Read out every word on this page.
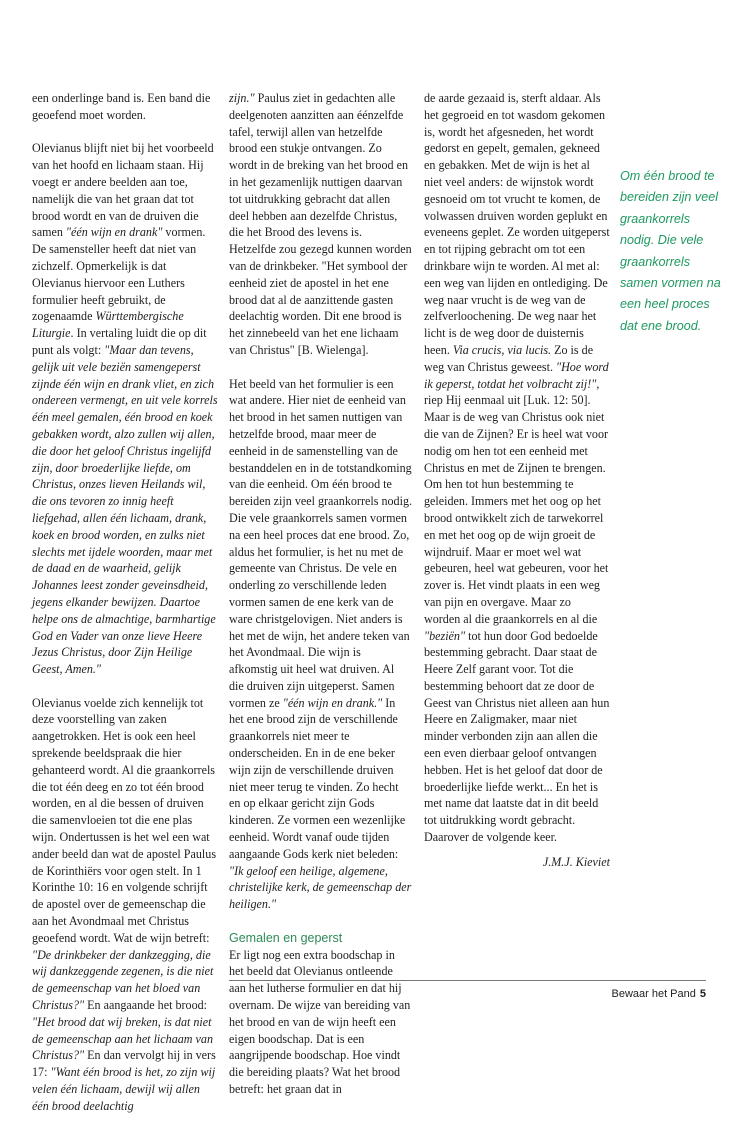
een onderlinge band is. Een band die geoefend moet worden.

Olevianus blijft niet bij het voorbeeld van het hoofd en lichaam staan. Hij voegt er andere beelden aan toe, namelijk die van het graan dat tot brood wordt en van de druiven die samen "één wijn en drank" vormen. De samensteller heeft dat niet van zichzelf. Opmerkelijk is dat Olevianus hiervoor een Luthers formulier heeft gebruikt, de zogenaamde Württembergische Liturgie. In vertaling luidt die op dit punt als volgt: "Maar dan tevens, gelijk uit vele beziën samengeperst zijnde één wijn en drank vliet, en zich onderеen vermengt, en uit vele korrels één meel gemalen, één brood en koek gebakken wordt, alzo zullen wij allen, die door het geloof Christus ingelijfd zijn, door broederlijke liefde, om Christus, onzes lieven Heilands wil, die ons tevoren zo innig heeft liefgehad, allen één lichaam, drank, koek en brood worden, en zulks niet slechts met ijdele woorden, maar met de daad en de waarheid, gelijk Johannes leest zonder geveinsdheid, jegens elkander bewijzen. Daartoe helpe ons de almachtige, barmhartige God en Vader van onze lieve Heere Jezus Christus, door Zijn Heilige Geest, Amen."

Olevianus voelde zich kennelijk tot deze voorstelling van zaken aangetrokken. Het is ook een heel sprekende beeldspraak die hier gehanteerd wordt. Al die graankorrels die tot één deeg en zo tot één brood worden, en al die bessen of druiven die samenvloeien tot die ene plas wijn. Ondertussen is het wel een wat ander beeld dan wat de apostel Paulus de Korinthiërs voor ogen stelt. In 1 Korinthe 10: 16 en volgende schrijft de apostel over de gemeenschap die aan het Avondmaal met Christus geoefend wordt. Wat de wijn betreft: "De drinkbeker der dankzegging, die wij dankzeggende zegenen, is die niet de gemeenschap van het bloed van Christus?" En aangaande het brood: "Het brood dat wij breken, is dat niet de gemeenschap aan het lichaam van Christus?" En dan vervolgt hij in vers 17: "Want één brood is het, zo zijn wij velen één lichaam, dewijl wij allen één brood deelachtig

zijn." Paulus ziet in gedachten alle deelgenoten aanzitten aan éénzelfde tafel, terwijl allen van hetzelfde brood een stukje ontvangen. Zo wordt in de breking van het brood en in het gezamenlijk nuttigen daarvan tot uitdrukking gebracht dat allen deel hebben aan dezelfde Christus, die het Brood des levens is. Hetzelfde zou gezegd kunnen worden van de drinkbeker. "Het symbool der eenheid ziet de apostel in het ene brood dat al de aanzittende gasten deelachtig worden. Dit ene brood is het zinnebeeld van het ene lichaam van Christus" [B. Wielenga].

Het beeld van het formulier is een wat andere. Hier niet de eenheid van het brood in het samen nuttigen van hetzelfde brood, maar meer de eenheid in de samenstelling van de bestanddelen en in de totstandkoming van die eenheid. Om één brood te bereiden zijn veel graankorrels nodig. Die vele graankorrels samen vormen na een heel proces dat ene brood. Zo, aldus het formulier, is het nu met de gemeente van Christus. De vele en onderling zo verschillende leden vormen samen de ene kerk van de ware christgelovigen. Niet anders is het met de wijn, het andere teken van het Avondmaal. Die wijn is afkomstig uit heel wat druiven. Al die druiven zijn uitgeperst. Samen vormen ze "één wijn en drank." In het ene brood zijn de verschillende graankorrels niet meer te onderscheiden. En in de ene beker wijn zijn de verschillende druiven niet meer terug te vinden. Zo hecht en op elkaar gericht zijn Gods kinderen. Ze vormen een wezenlijke eenheid. Wordt vanaf oude tijden aangaande Gods kerk niet beleden: "Ik geloof een heilige, algemene, christelijke kerk, de gemeenschap der heiligen."

Gemalen en geperst

Er ligt nog een extra boodschap in het beeld dat Olevianus ontleende aan het lutherse formulier en dat hij overnam. De wijze van bereiding van het brood en van de wijn heeft een eigen boodschap. Dat is een aangrijpende boodschap. Hoe vindt die bereiding plaats? Wat het brood betreft: het graan dat in

de aarde gezaaid is, sterft aldaar. Als het gegroeid en tot wasdom gekomen is, wordt het afgesneden, het wordt gedorst en gepelt, gemalen, gekneed en gebakken. Met de wijn is het al niet veel anders: de wijnstok wordt gesnoeid om tot vrucht te komen, de volwassen druiven worden geplukt en eveneens geplet. Ze worden uitgeperst en tot rijping gebracht om tot een drinkbare wijn te worden. Al met al: een weg van lijden en ontlediging. De weg naar vrucht is de weg van de zelfverloochening. De weg naar het licht is de weg door de duisternis heen. Via crucis, via lucis. Zo is de weg van Christus geweest. "Hoe word ik geperst, totdat het volbracht zij!", riep Hij eenmaal uit [Luk. 12: 50]. Maar is de weg van Christus ook niet die van de Zijnen? Er is heel wat voor nodig om hen tot een eenheid met Christus en met de Zijnen te brengen. Om hen tot hun bestemming te geleiden. Immers met het oog op het brood ontwikkelt zich de tarwekorrel en met het oog op de wijn groeit de wijndruif. Maar er moet wel wat gebeuren, heel wat gebeuren, voor het zover is. Het vindt plaats in een weg van pijn en overgave. Maar zo worden al die graankorrels en al die "beziën" tot hun door God bedoelde bestemming gebracht. Daar staat de Heere Zelf garant voor. Tot die bestemming behoort dat ze door de Geest van Christus niet alleen aan hun Heere en Zaligmaker, maar niet minder verbonden zijn aan allen die een even dierbaar geloof ontvangen hebben. Het is het geloof dat door de broederlijke liefde werkt... En het is met name dat laatste dat in dit beeld tot uitdrukking wordt gebracht. Daarover de volgende keer.

J.M.J. Kieviet
Om één brood te bereiden zijn veel graankorrels nodig. Die vele graankorrels samen vormen na een heel proces dat ene brood.
Bewaar het Pand 5
